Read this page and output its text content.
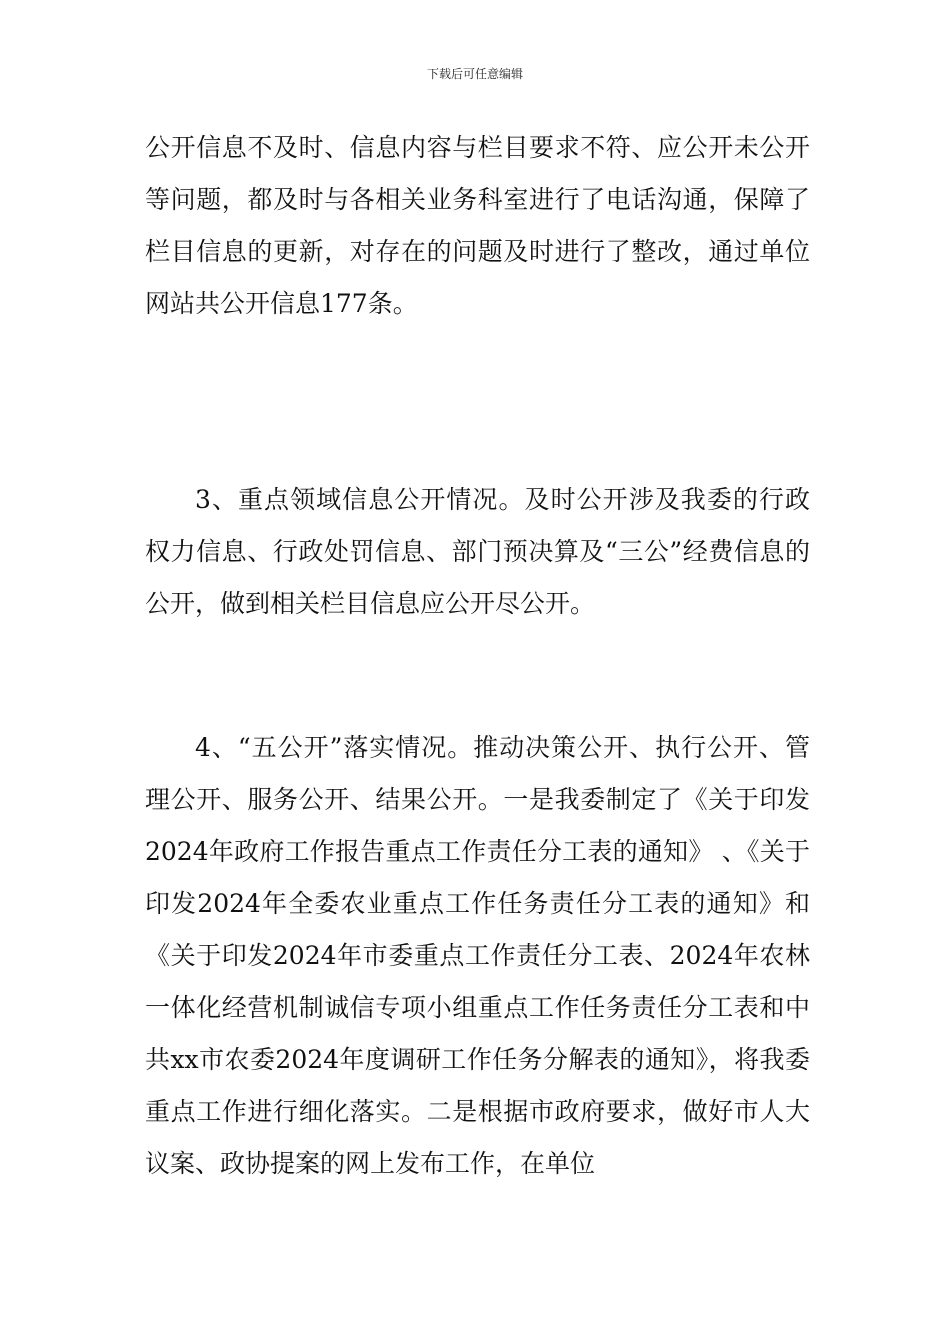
下载后可任意编辑

公开信息不及时、信息内容与栏目要求不符、应公开未公开等问题，都及时与各相关业务科室进行了电话沟通，保障了栏目信息的更新，对存在的问题及时进行了整改，通过单位网站共公开信息177条。

3、重点领域信息公开情况。及时公开涉及我委的行政权力信息、行政处罚信息、部门预决算及“三公”经费信息的公开，做到相关栏目信息应公开尽公开。

4、“五公开”落实情况。推动决策公开、执行公开、管理公开、服务公开、结果公开。一是我委制定了《关于印发2024年政府工作报告重点工作责任分工表的通知》 、《关于印发2024年全委农业重点工作任务责任分工表的通知》和《关于印发2024年市委重点工作责任分工表、2024年农林一体化经营机制诚信专项小组重点工作任务责任分工表和中共xx市农委2024年度调研工作任务分解表的通知》，将我委重点工作进行细化落实。二是根据市政府要求，做好市人大议案、政协提案的网上发布工作，在单位
